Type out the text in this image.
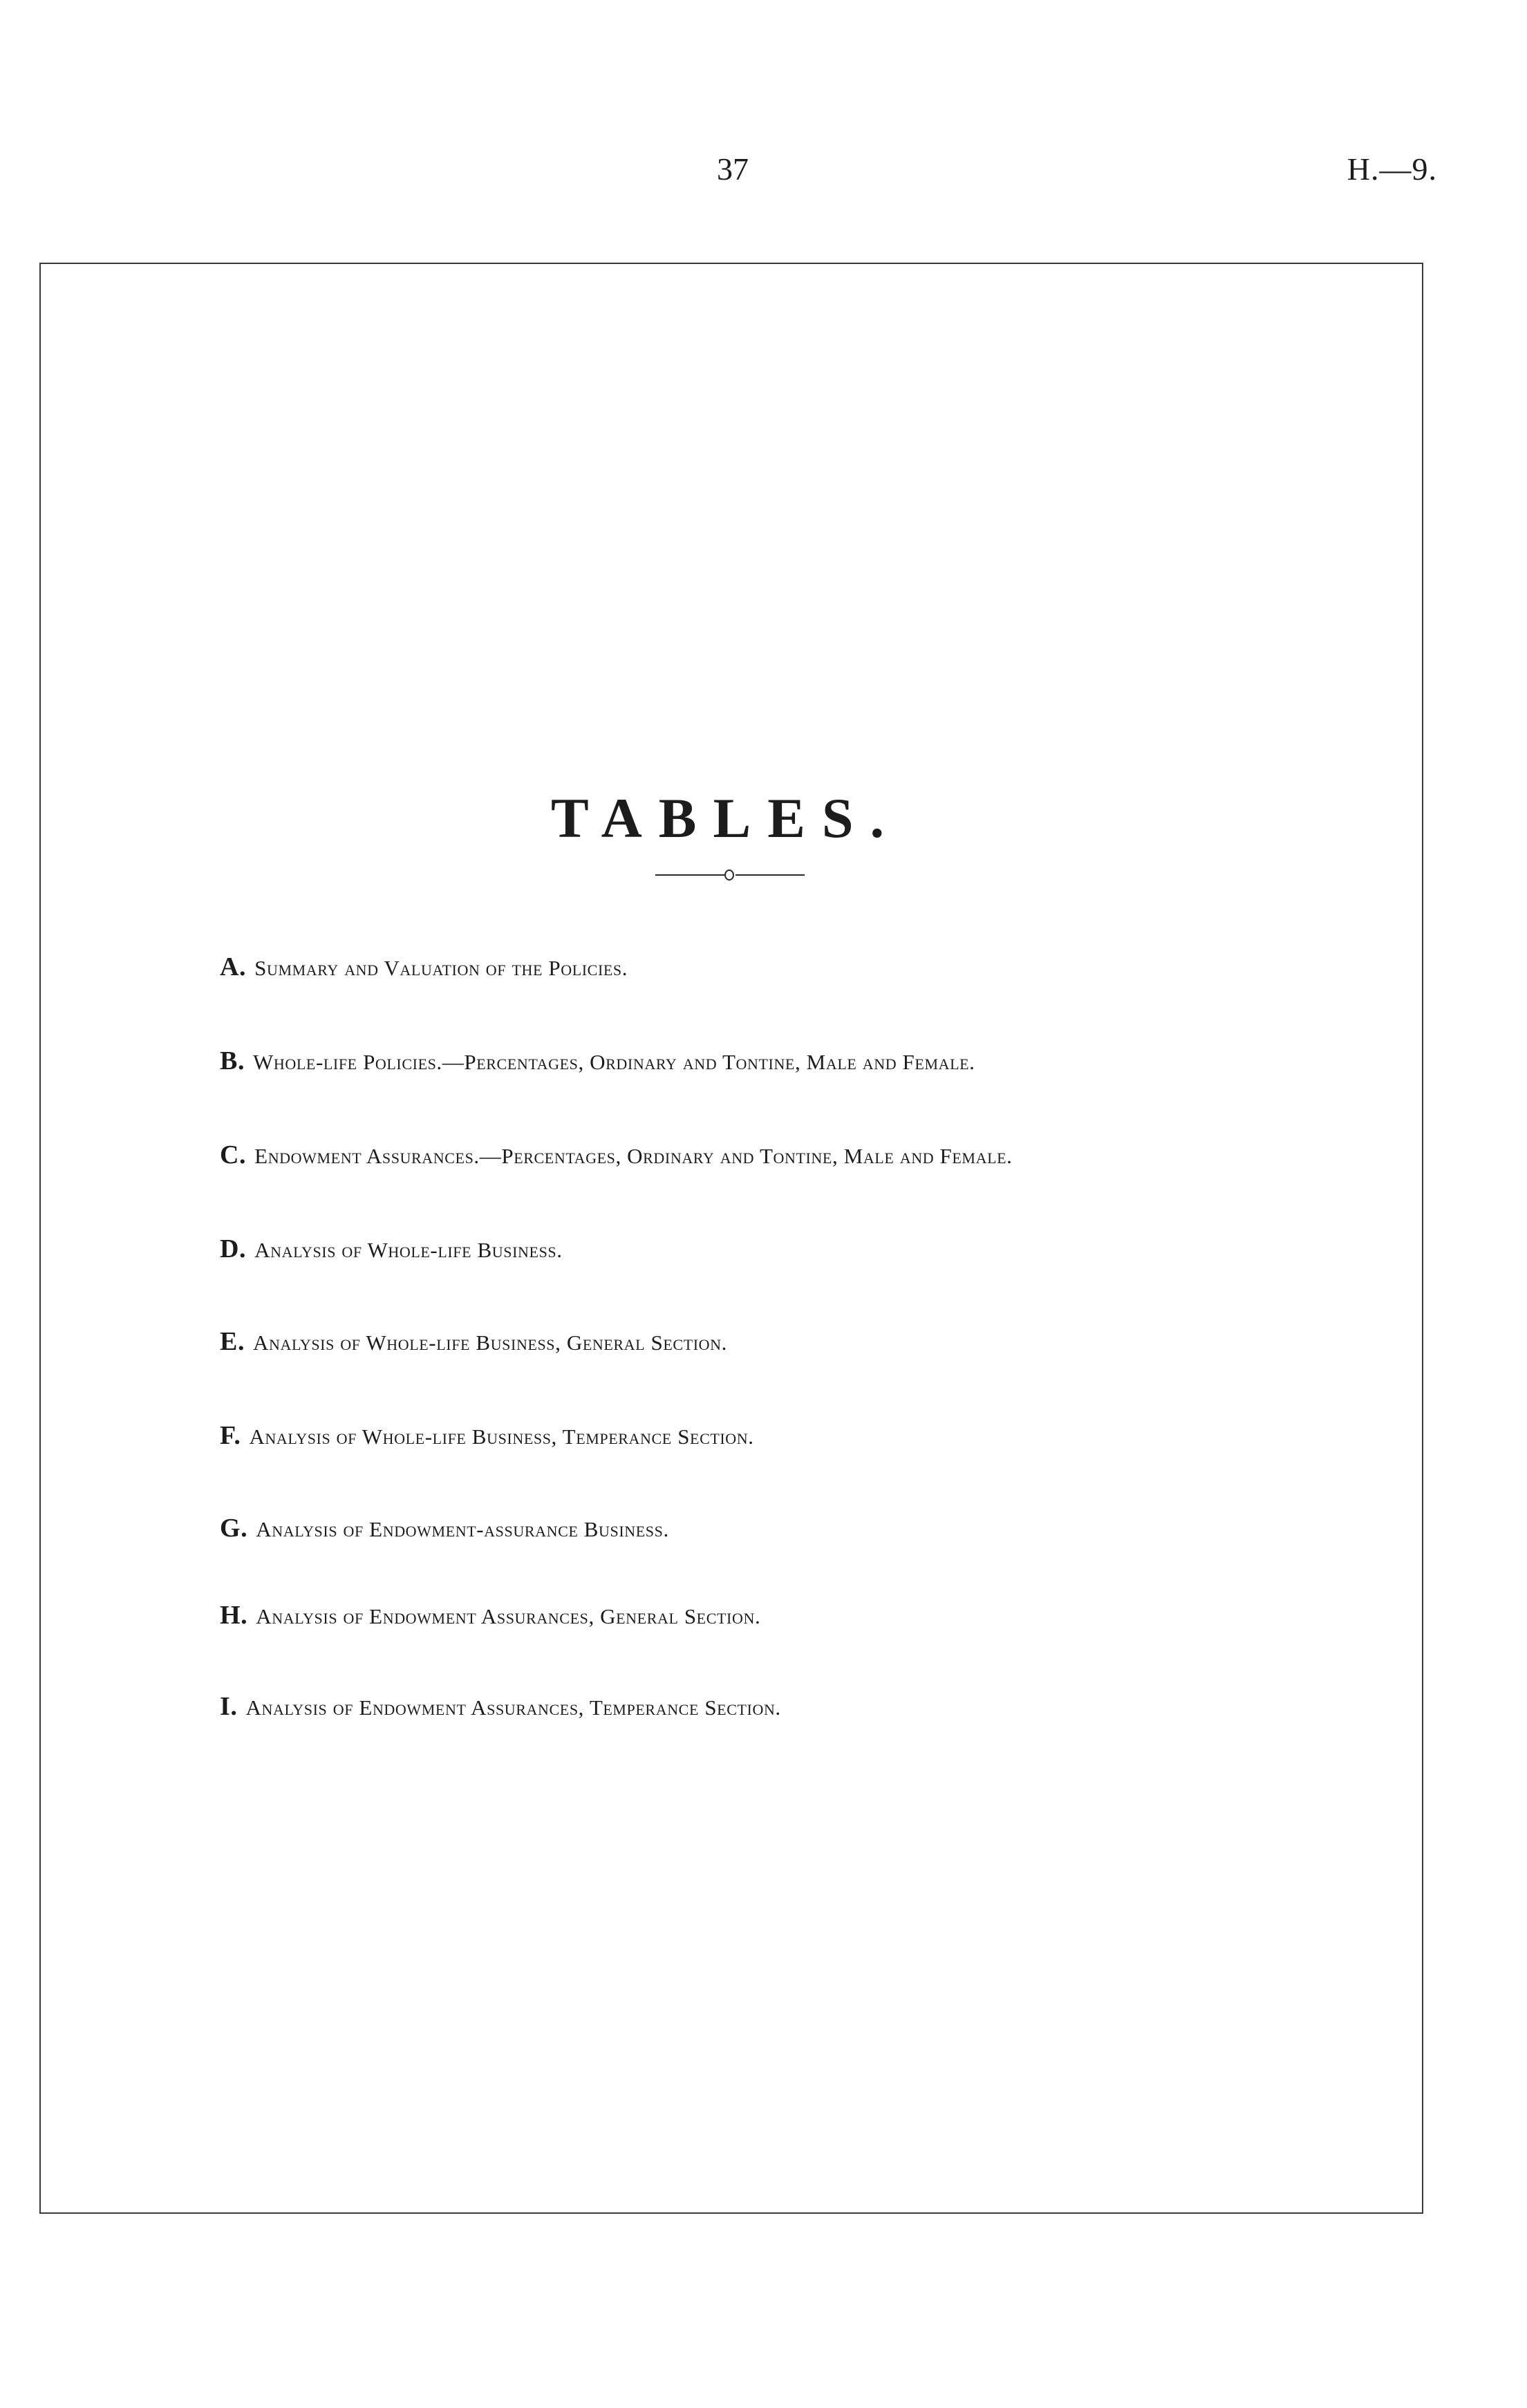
37	H.—9.
TABLES.
A. Summary and Valuation of the Policies.
B. Whole-life Policies.—Percentages, Ordinary and Tontine, Male and Female.
C. Endowment Assurances.—Percentages, Ordinary and Tontine, Male and Female.
D. Analysis of Whole-life Business.
E. Analysis of Whole-life Business, General Section.
F. Analysis of Whole-life Business, Temperance Section.
G. Analysis of Endowment-assurance Business.
H. Analysis of Endowment Assurances, General Section.
I. Analysis of Endowment Assurances, Temperance Section.
